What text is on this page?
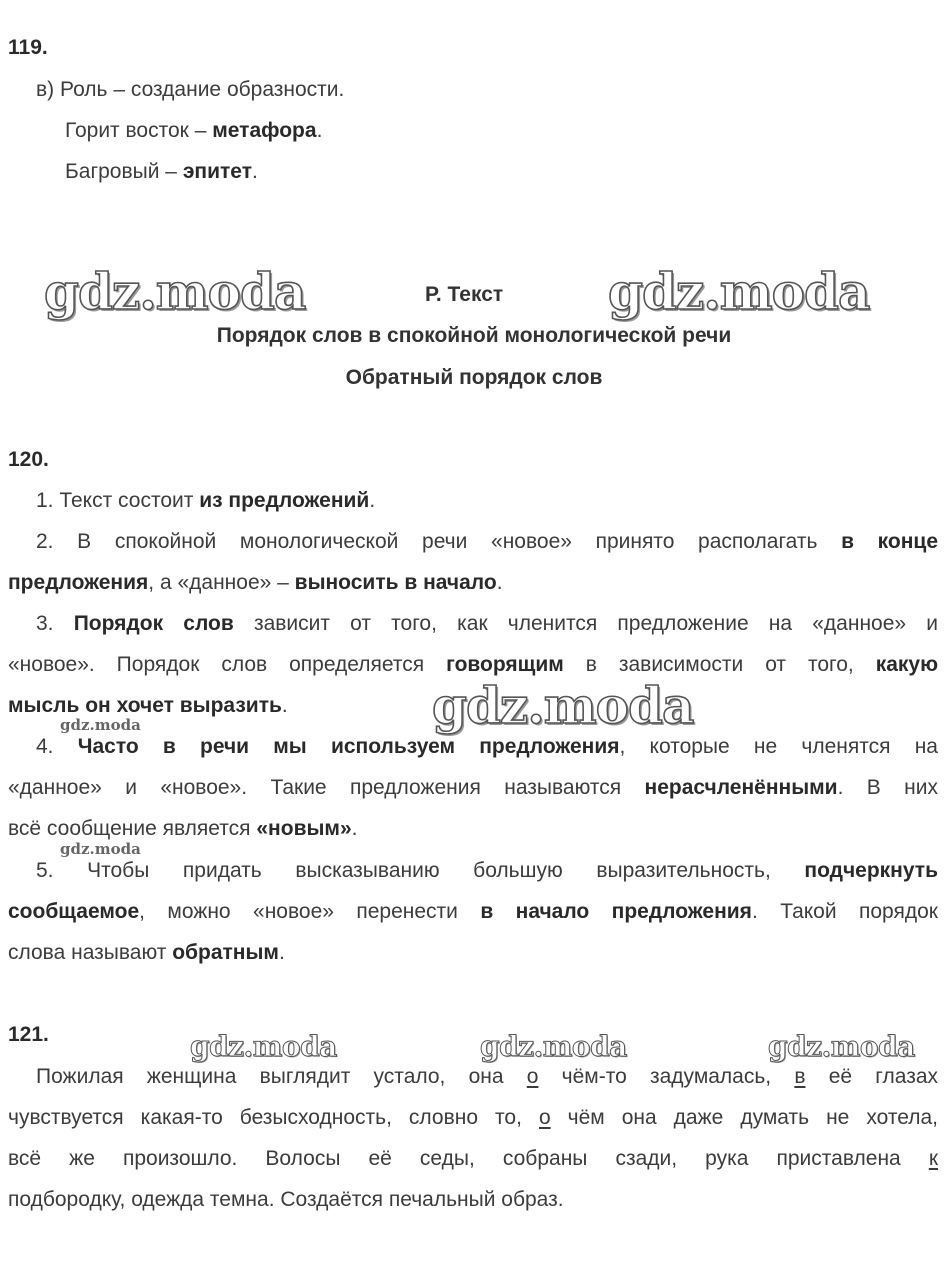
119.
в) Роль – создание образности.
Горит восток – метафора.
Багровый – эпитет.
gdz.moda	gdz.moda
Р. Текст
Порядок слов в спокойной монологической речи
Обратный порядок слов
120.
1. Текст состоит из предложений.
2. В спокойной монологической речи «новое» принято располагать в конце
предложения, а «данное» – выносить в начало.
3. Порядок слов зависит от того, как членится предложение на «данное» и
«новое». Порядок слов определяется говорящим в зависимости от того, какую
мысль он хочет выразить.	gdz.moda
gdz.moda
4. Часто в речи мы используем предложения, которые не членятся на
«данное» и «новое». Такие предложения называются нерасчленёнными. В них
всё сообщение является «новым».
gdz.moda
5. Чтобы придать высказыванию большую выразительность, подчеркнуть
сообщаемое, можно «новое» перенести в начало предложения. Такой порядок
слова называют обратным.
121.	gdz.moda	gdz.moda	gdz.moda
Пожилая женщина выглядит устало, она о чём-то задумалась, в её глазах
чувствуется какая-то безысходность, словно то, о чём она даже думать не хотела,
всё же произошло. Волосы её седы, собраны сзади, рука приставлена к
подбородку, одежда темна. Создаётся печальный образ.
